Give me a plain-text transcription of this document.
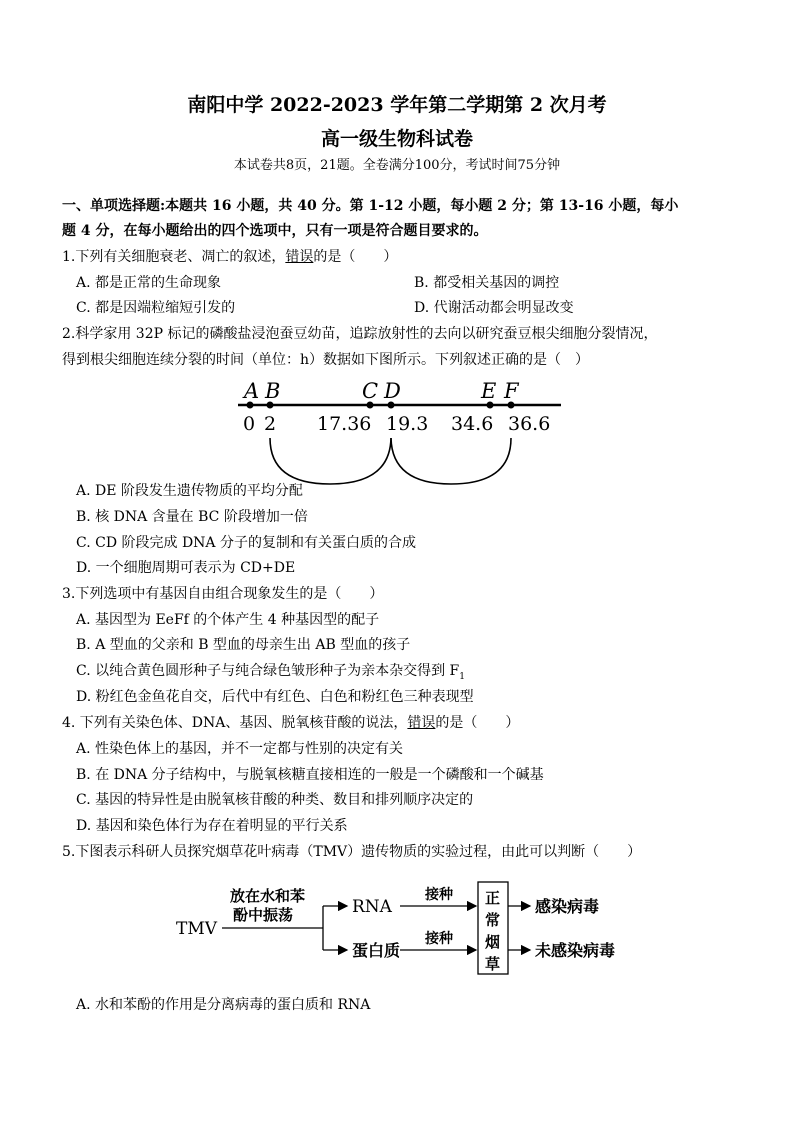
南阳中学 2022-2023 学年第二学期第 2 次月考
高一级生物科试卷
本试卷共8页，21题。全卷满分100分，考试时间75分钟
一、单项选择题:本题共 16 小题，共 40 分。第 1-12 小题，每小题 2 分；第 13-16 小题，每小
题 4 分，在每小题给出的四个选项中，只有一项是符合题目要求的。
1.下列有关细胞衰老、凋亡的叙述，错误的是（　　）
A. 都是正常的生命现象	B. 都受相关基因的调控
C. 都是因端粒缩短引发的	D. 代谢活动都会明显改变
2.科学家用 32P 标记的磷酸盐浸泡蚕豆幼苗，追踪放射性的去向以研究蚕豆根尖细胞分裂情况，
得到根尖细胞连续分裂的时间（单位：h）数据如下图所示。下列叙述正确的是（　）
A B	C D	E F
0 2 17.36 19.3 34.6 36.6
A. DE 阶段发生遗传物质的平均分配
B. 核 DNA 含量在 BC 阶段增加一倍
C. CD 阶段完成 DNA 分子的复制和有关蛋白质的合成
D. 一个细胞周期可表示为 CD+DE
3.下列选项中有基因自由组合现象发生的是（　　）
A. 基因型为 EeFf 的个体产生 4 种基因型的配子
B. A 型血的父亲和 B 型血的母亲生出 AB 型血的孩子
C. 以纯合黄色圆形种子与纯合绿色皱形种子为亲本杂交得到 $F_1$
D. 粉红色金鱼花自交，后代中有红色、白色和粉红色三种表现型
4. 下列有关染色体、DNA、基因、脱氧核苷酸的说法，错误的是（　　）
A. 性染色体上的基因，并不一定都与性别的决定有关
B. 在 DNA 分子结构中，与脱氧核糖直接相连的一般是一个磷酸和一个碱基
C. 基因的特异性是由脱氧核苷酸的种类、数目和排列顺序决定的
D. 基因和染色体行为存在着明显的平行关系
5.下图表示科研人员探究烟草花叶病毒（TMV）遗传物质的实验过程，由此可以判断（　　）
TMV
放在水和苯
酚中振荡	RNA
蛋白质
接种
接种
正
常
烟
草
感染病毒
未感染病毒
A. 水和苯酚的作用是分离病毒的蛋白质和 RNA
